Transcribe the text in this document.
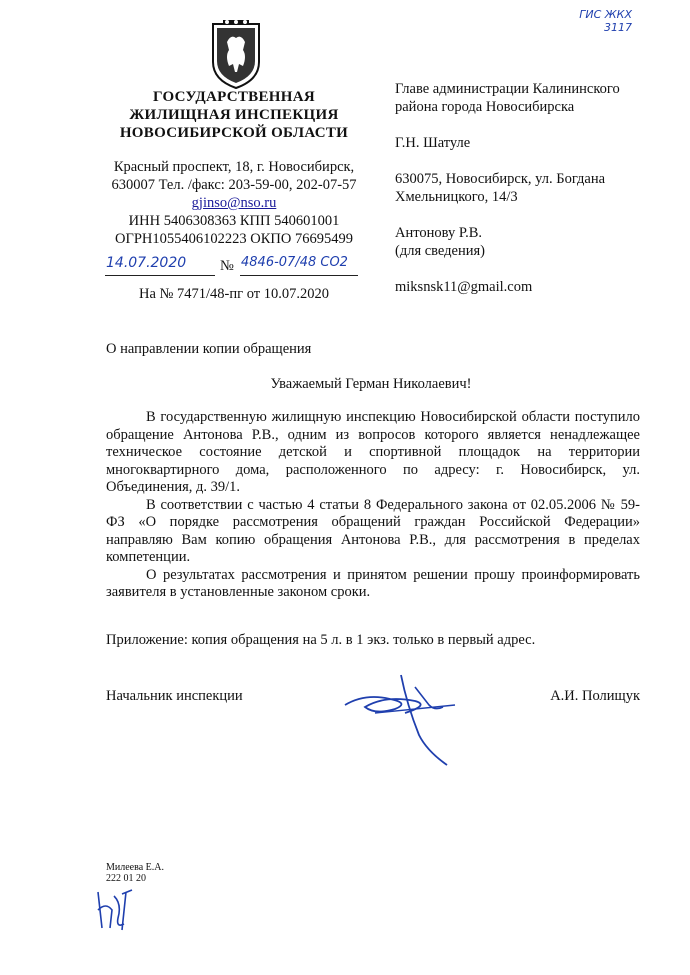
ГИС ЖКХ
3117
ГОСУДАРСТВЕННАЯ
ЖИЛИЩНАЯ ИНСПЕКЦИЯ
НОВОСИБИРСКОЙ ОБЛАСТИ
Красный проспект, 18, г. Новосибирск,
630007 Тел. /факс: 203-59-00, 202-07-57
gjinso@nso.ru
ИНН 5406308363 КПП 540601001
ОГРН1055406102223 ОКПО 76695499
14.07.2020 № 4846-07/48 СО2
На № 7471/48-пг от 10.07.2020

Главе администрации Калининского

района города Новосибирска

Г.Н. Шатуле

630075, Новосибирск, ул. Богдана

Хмельницкого, 14/3

Антонову Р.В.

(для сведения)

miksnsk11@gmail.com

О направлении копии обращения
Уважаемый Герман Николаевич!

В государственную жилищную инспекцию Новосибирской области поступило обращение Антонова Р.В., одним из вопросов которого является ненадлежащее техническое состояние детской и спортивной площадок на территории многоквартирного дома, расположенного по адресу: г. Новосибирск, ул. Объединения, д. 39/1.

В соответствии с частью 4 статьи 8 Федерального закона от 02.05.2006 № 59-ФЗ «О порядке рассмотрения обращений граждан Российской Федерации» направляю Вам копию обращения Антонова Р.В., для рассмотрения в пределах компетенции.

О результатах рассмотрения и принятом решении прошу проинформировать заявителя в установленные законом сроки.

Приложение: копия обращения на 5 л. в 1 экз. только в первый адрес.
Начальник инспекции	А.И. Полищук
Милеева Е.А.
222 01 20
